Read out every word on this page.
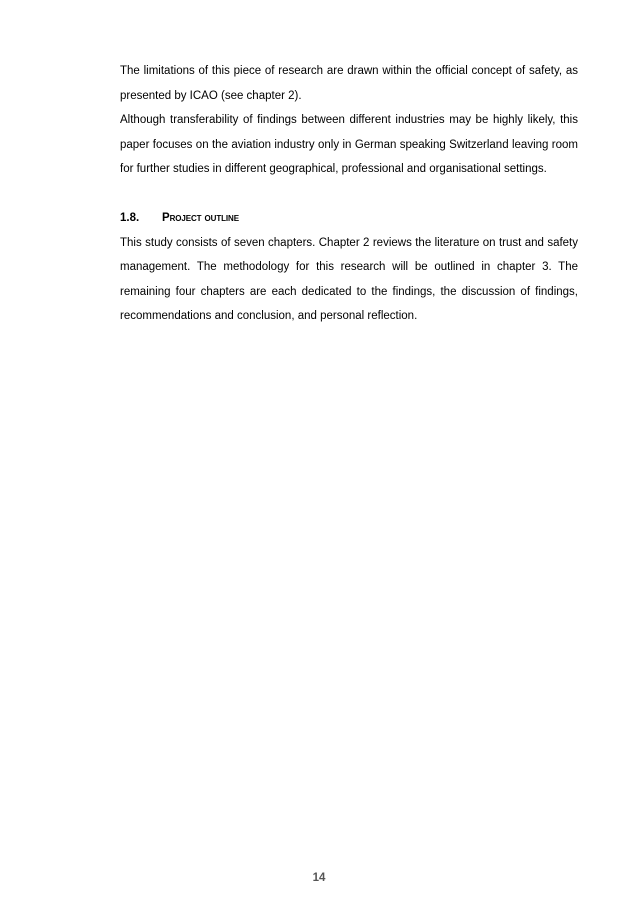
The limitations of this piece of research are drawn within the official concept of safety, as presented by ICAO (see chapter 2).

Although transferability of findings between different industries may be highly likely, this paper focuses on the aviation industry only in German speaking Switzerland leaving room for further studies in different geographical, professional and organisational settings.

1.8.	Project outline

This study consists of seven chapters. Chapter 2 reviews the literature on trust and safety management. The methodology for this research will be outlined in chapter 3. The remaining four chapters are each dedicated to the findings, the discussion of findings, recommendations and conclusion, and personal reflection.

14
